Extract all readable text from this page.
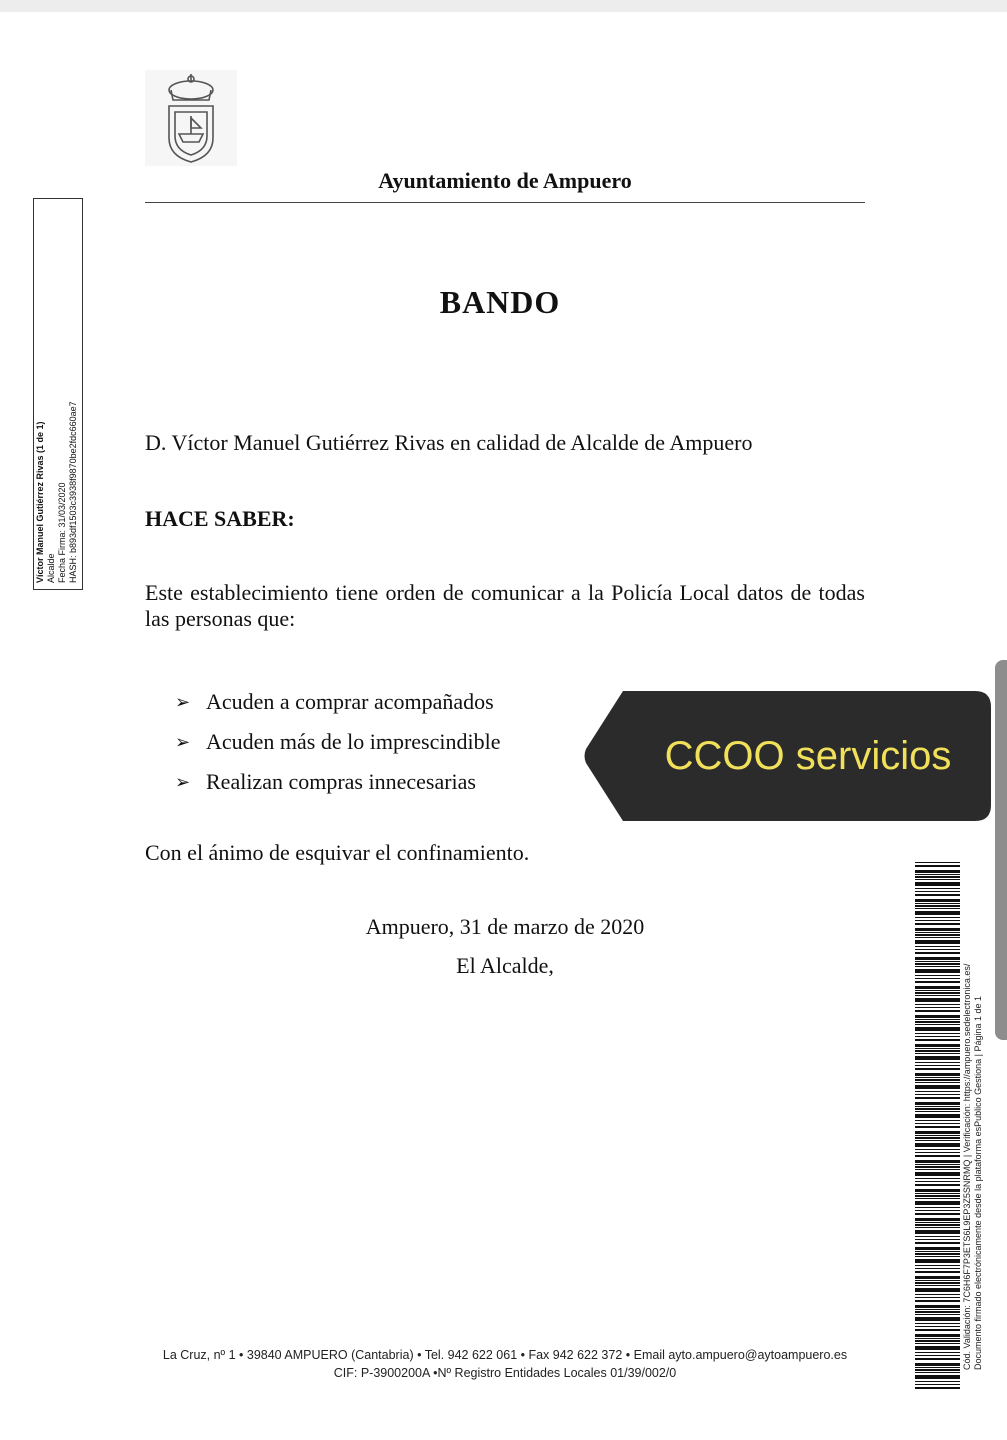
Ayuntamiento de Ampuero
Víctor Manuel Gutiérrez Rivas (1 de 1) Alcalde Fecha Firma: 31/03/2020 HASH: b893df1503c3938f9870be2fdc660ae7
BANDO
D. Víctor Manuel Gutiérrez Rivas en calidad de Alcalde de Ampuero
HACE SABER:
Este establecimiento tiene orden de comunicar a la Policía Local datos de todas las personas que:
➢ Acuden a comprar acompañados
➢ Acuden más de lo imprescindible
➢ Realizan compras innecesarias
Con el ánimo de esquivar el confinamiento.
Ampuero, 31 de marzo de 2020
El Alcalde,
CCOO servicios
Cód. Validación: 7C6H6F7P3ETS6L9EP3Z5SNRMQ | Verificación: https://ampuero.sedelectronica.es/ Documento firmado electrónicamente desde la plataforma esPublico Gestiona | Página 1 de 1
La Cruz, nº 1 • 39840 AMPUERO (Cantabria) • Tel. 942 622 061 • Fax 942 622 372 • Email ayto.ampuero@aytoampuero.es
CIF: P-3900200A •Nº Registro Entidades Locales 01/39/002/0
